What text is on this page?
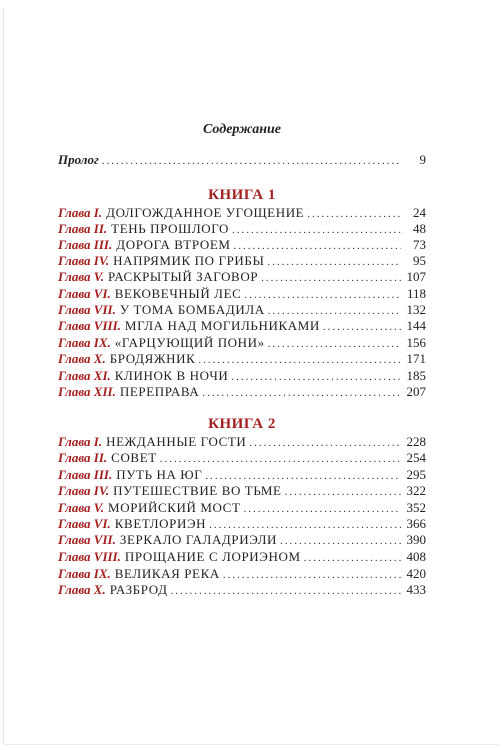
Содержание
Пролог .....	9
КНИГА 1
Глава I. ДОЛГОЖДАННОЕ УГОЩЕНИЕ .....	24
Глава II. ТЕНЬ ПРОШЛОГО .....	48
Глава III. ДОРОГА ВТРОЕМ .....	73
Глава IV. НАПРЯМИК ПО ГРИБЫ .....	95
Глава V. РАСКРЫТЫЙ ЗАГОВОР .....	107
Глава VI. ВЕКОВЕЧНЫЙ ЛЕС .....	118
Глава VII. У ТОМА БОМБАДИЛА .....	132
Глава VIII. МГЛА НАД МОГИЛЬНИКАМИ .....	144
Глава IX. «ГАРЦУЮЩИЙ ПОНИ» .....	156
Глава X. БРОДЯЖНИК .....	171
Глава XI. КЛИНОК В НОЧИ .....	185
Глава XII. ПЕРЕПРАВА .....	207
КНИГА 2
Глава I. НЕЖДАННЫЕ ГОСТИ .....	228
Глава II. СОВЕТ .....	254
Глава III. ПУТЬ НА ЮГ .....	295
Глава IV. ПУТЕШЕСТВИЕ ВО ТЬМЕ .....	322
Глава V. МОРИЙСКИЙ МОСТ .....	352
Глава VI. КВЕТЛОРИЭН .....	366
Глава VII. ЗЕРКАЛО ГАЛАДРИЭЛИ .....	390
Глава VIII. ПРОЩАНИЕ С ЛОРИЭНОМ .....	408
Глава IX. ВЕЛИКАЯ РЕКА .....	420
Глава X. РАЗБРОД .....	433
